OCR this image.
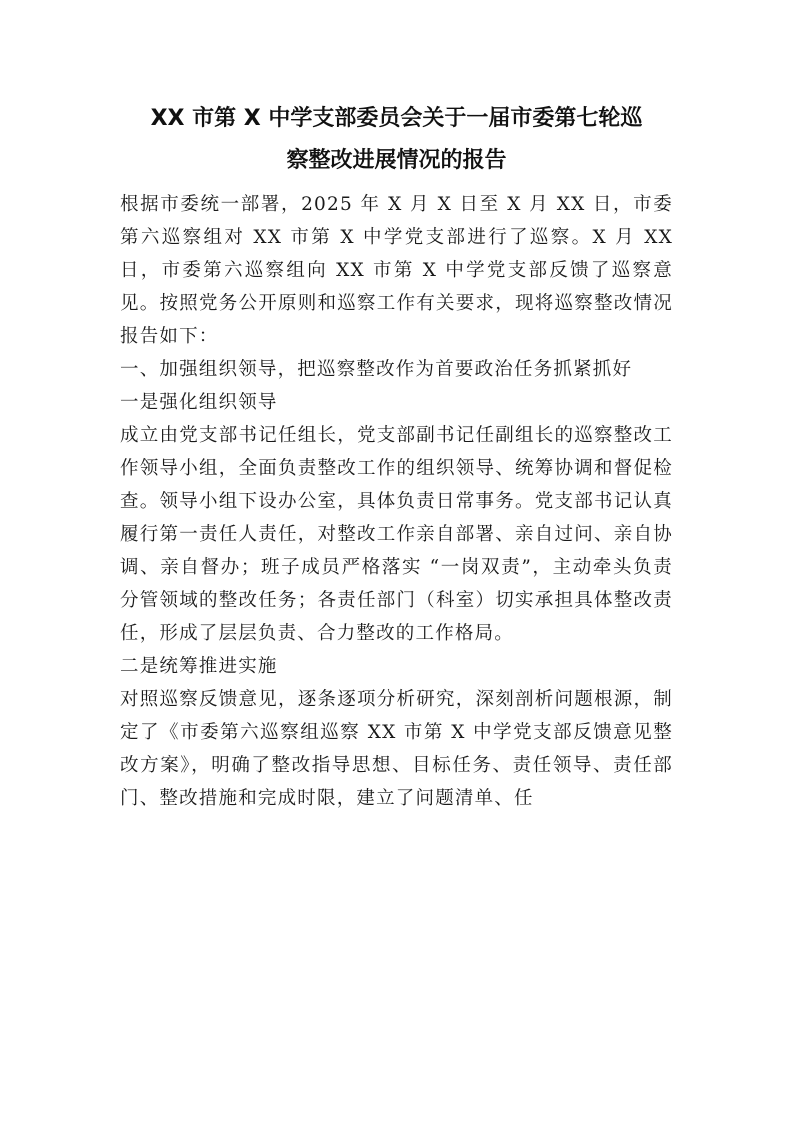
XX 市第 X 中学支部委员会关于一届市委第七轮巡
察整改进展情况的报告

根据市委统一部署，2025 年 X 月 X 日至 X 月 XX 日，市委第六巡察组对 XX 市第 X 中学党支部进行了巡察。X 月 XX 日，市委第六巡察组向 XX 市第 X 中学党支部反馈了巡察意见。按照党务公开原则和巡察工作有关要求，现将巡察整改情况报告如下：

一、加强组织领导，把巡察整改作为首要政治任务抓紧抓好

一是强化组织领导

成立由党支部书记任组长，党支部副书记任副组长的巡察整改工作领导小组，全面负责整改工作的组织领导、统筹协调和督促检查。领导小组下设办公室，具体负责日常事务。党支部书记认真履行第一责任人责任，对整改工作亲自部署、亲自过问、亲自协调、亲自督办；班子成员严格落实 “一岗双责”，主动牵头负责分管领域的整改任务；各责任部门（科室）切实承担具体整改责任，形成了层层负责、合力整改的工作格局。

二是统筹推进实施

对照巡察反馈意见，逐条逐项分析研究，深刻剖析问题根源，制定了《市委第六巡察组巡察 XX 市第 X 中学党支部反馈意见整改方案》，明确了整改指导思想、目标任务、责任领导、责任部门、整改措施和完成时限，建立了问题清单、任
